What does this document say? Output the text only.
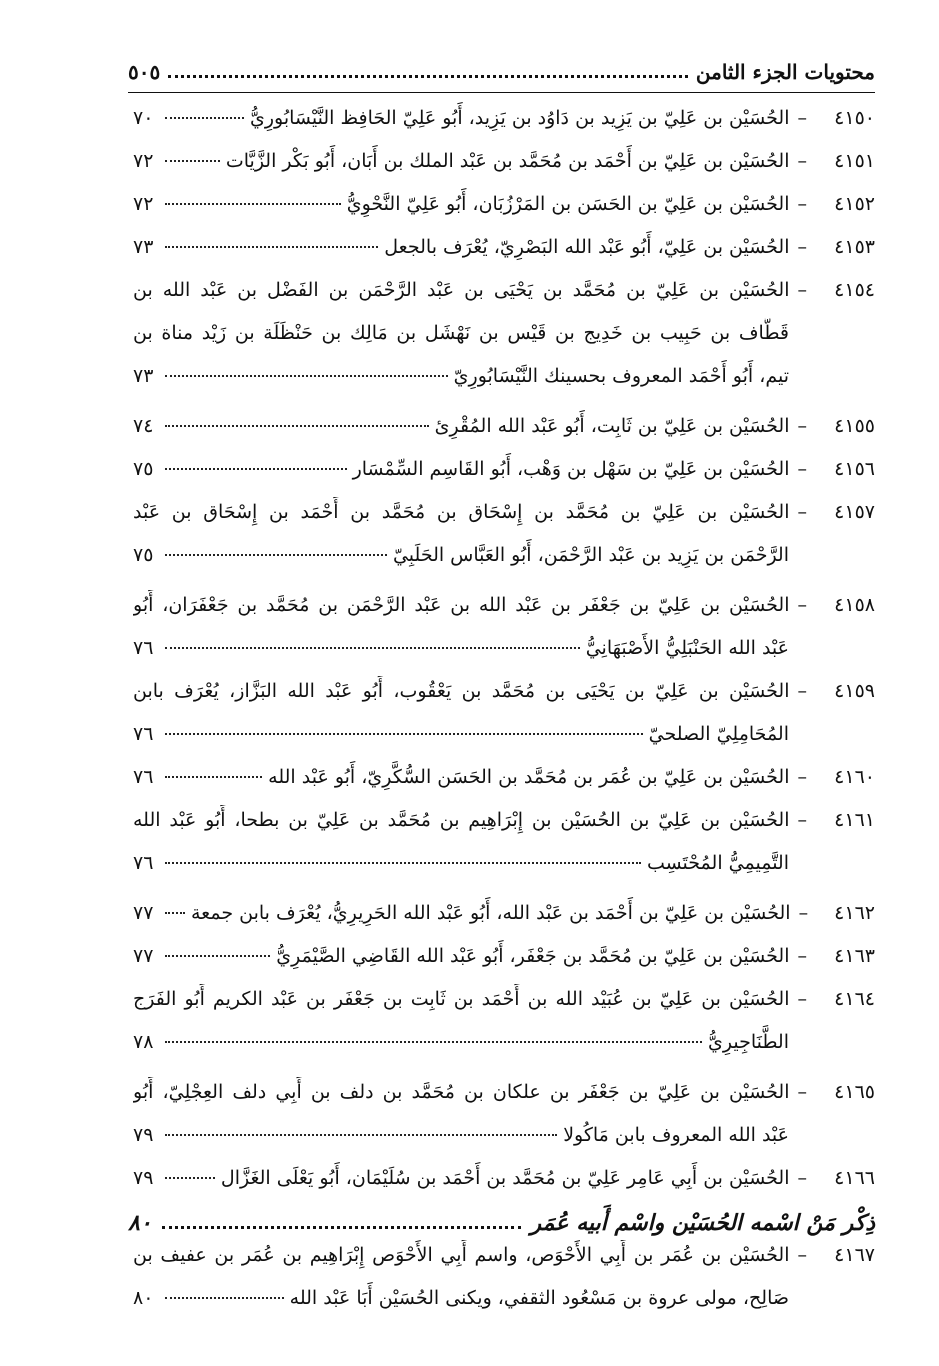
محتويات الجزء الثامن
٥٠٥
٤١٥٠
–
الحُسَيْن بن عَلِيّ بن يَزِيد بن دَاوُد بن يَزِيد، أَبُو عَلِيّ الحَافِظ النَّيْسَابُورِيُّ
٧٠
٤١٥١
–
الحُسَيْن بن عَلِيّ بن أَحْمَد بن مُحَمَّد بن عَبْد الملك بن أَبَان، أَبُو بَكْر الزَّيَّات
٧٢
٤١٥٢
–
الحُسَيْن بن عَلِيّ بن الحَسَن بن المَرْزُبَان، أَبُو عَلِيّ النَّحْوِيُّ
٧٢
٤١٥٣
–
الحُسَيْن بن عَلِيّ، أَبُو عَبْد الله البَصْرِيّ، يُعْرَف بالجعل
٧٣
٤١٥٤–الحُسَيْن بن عَلِيّ بن مُحَمَّد بن يَحْيَى بن عَبْد الرَّحْمَن بن الفَضْل بن عَبْد الله بن
قَطَّاف بن حَبِيب بن خَدِيج بن قَيْس بن نَهْشَل بن مَالِك بن حَنْظَلَة بن زَيْد مناة بن
تيم، أَبُو أَحْمَد المعروف بحسينك النَّيْسَابُورِيّ
٧٣
٤١٥٥
–
الحُسَيْن بن عَلِيّ بن ثَابِت، أَبُو عَبْد الله المُقْرِئ
٧٤
٤١٥٦
–
الحُسَيْن بن عَلِيّ بن سَهْل بن وَهْب، أَبُو القَاسِم السِّمْسَار
٧٥
٤١٥٧–الحُسَيْن بن عَلِيّ بن مُحَمَّد بن إِسْحَاق بن مُحَمَّد بن أَحْمَد بن إِسْحَاق بن عَبْد
الرَّحْمَن بن يَزِيد بن عَبْد الرَّحْمَن، أَبُو العَبَّاس الحَلَبِيّ
٧٥
٤١٥٨–الحُسَيْن بن عَلِيّ بن جَعْفَر بن عَبْد الله بن عَبْد الرَّحْمَن بن مُحَمَّد بن جَعْفَرَان، أَبُو
عَبْد الله الحَنْبَلِيُّ الأَصْبَهَانِيُّ
٧٦
٤١٥٩–الحُسَيْن بن عَلِيّ بن يَحْيَى بن مُحَمَّد بن يَعْقُوب، أَبُو عَبْد الله البَزَّاز، يُعْرَف بابن
المُحَامِلِيّ الصلحيّ
٧٦
٤١٦٠
–
الحُسَيْن بن عَلِيّ بن عُمَر بن مُحَمَّد بن الحَسَن السُّكَّرِيّ، أَبُو عَبْد الله
٧٦
٤١٦١–الحُسَيْن بن عَلِيّ بن الحُسَيْن بن إِبْرَاهِيم بن مُحَمَّد بن عَلِيّ بن بطحا، أَبُو عَبْد الله
التَّمِيمِيُّ المُحْتَسِب
٧٦
٤١٦٢
–
الحُسَيْن بن عَلِيّ بن أَحْمَد بن عَبْد الله، أَبُو عَبْد الله الحَرِيرِيُّ، يُعْرَف بابن جمعة
٧٧
٤١٦٣
–
الحُسَيْن بن عَلِيّ بن مُحَمَّد بن جَعْفَر، أَبُو عَبْد الله القَاضِي الصَّيْمَرِيُّ
٧٧
٤١٦٤–الحُسَيْن بن عَلِيّ بن عُبَيْد الله بن أَحْمَد بن ثَابِت بن جَعْفَر بن عَبْد الكريم أَبُو الفَرَج
الطَّنَاجِيرِيُّ
٧٨
٤١٦٥–الحُسَيْن بن عَلِيّ بن جَعْفَر بن علكان بن مُحَمَّد بن دلف بن أَبِي دلف العِجْلِيّ، أَبُو
عَبْد الله المعروف بابن مَاكُولا
٧٩
٤١٦٦
–
الحُسَيْن بن أَبِي عَامِر عَلِيّ بن مُحَمَّد بن أَحْمَد بن سُلَيْمَان، أَبُو يَعْلَى الغَزَّال
٧٩
٤١٦٧–الحُسَيْن بن عُمَر بن أَبِي الأَحْوَص، واسم أَبِي الأَحْوَص إِبْرَاهِيم بن عُمَر بن عفيف بن
صَالِح، مولى عروة بن مَسْعُود الثقفي، ويكنى الحُسَيْن أَبَا عَبْد الله
٨٠
ذِكْر مَنْ اسْمه الحُسَيْن واسْم أَبيه عُمَر
٨٠
